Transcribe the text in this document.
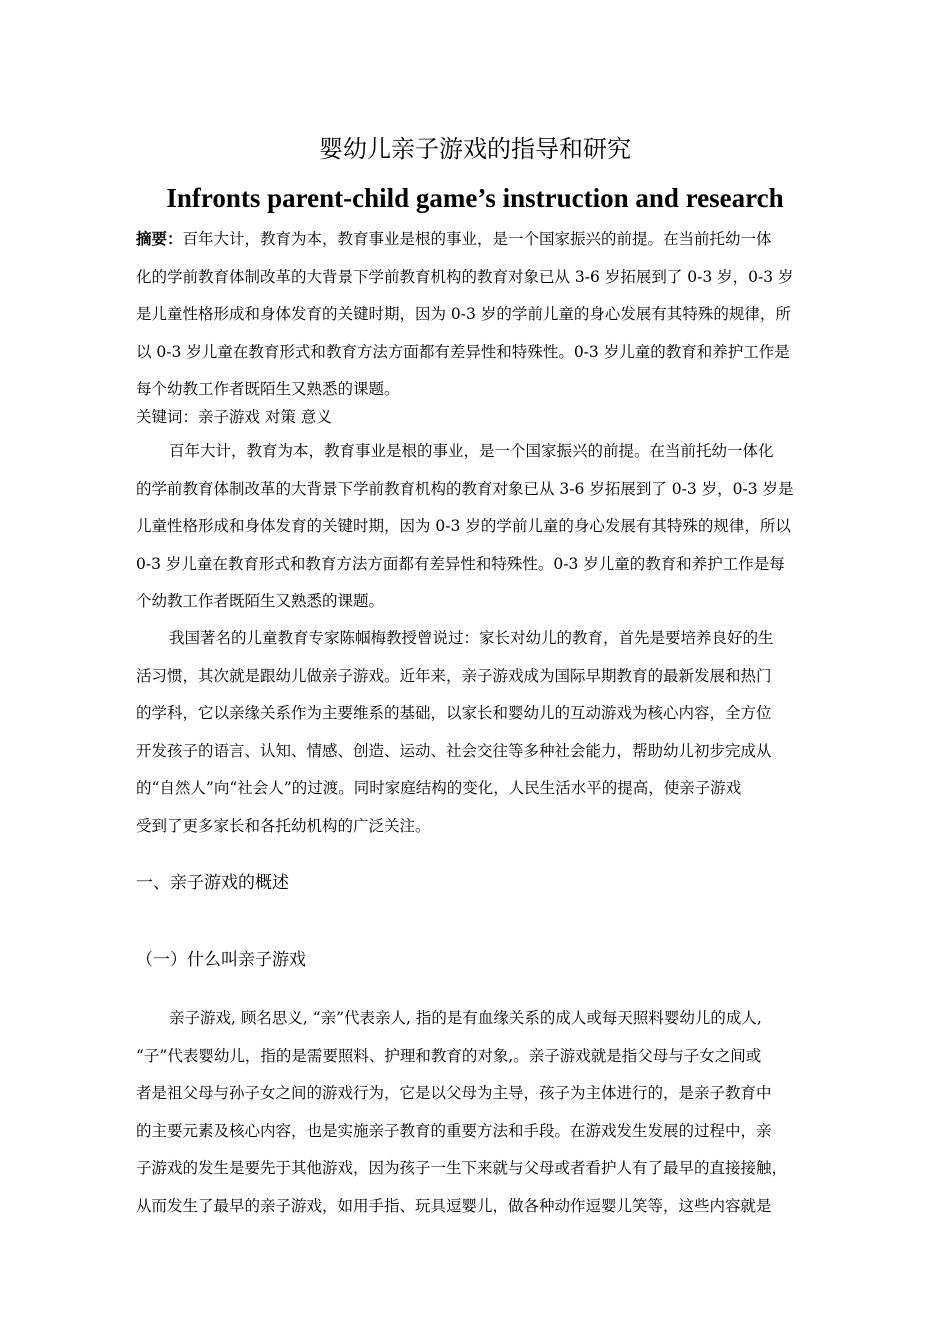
婴幼儿亲子游戏的指导和研究
Infronts parent-child game’s instruction and research
摘要：百年大计，教育为本，教育事业是根的事业，是一个国家振兴的前提。在当前托幼一体
化的学前教育体制改革的大背景下学前教育机构的教育对象已从 3-6 岁拓展到了 0-3 岁，0-3 岁
是儿童性格形成和身体发育的关键时期，因为 0-3 岁的学前儿童的身心发展有其特殊的规律，所
以 0-3 岁儿童在教育形式和教育方法方面都有差异性和特殊性。0-3 岁儿童的教育和养护工作是
每个幼教工作者既陌生又熟悉的课题。
关键词：亲子游戏 对策 意义
百年大计，教育为本，教育事业是根的事业，是一个国家振兴的前提。在当前托幼一体化
的学前教育体制改革的大背景下学前教育机构的教育对象已从 3-6 岁拓展到了 0-3 岁，0-3 岁是
儿童性格形成和身体发育的关键时期，因为 0-3 岁的学前儿童的身心发展有其特殊的规律，所以
0-3 岁儿童在教育形式和教育方法方面都有差异性和特殊性。0-3 岁儿童的教育和养护工作是每
个幼教工作者既陌生又熟悉的课题。
我国著名的儿童教育专家陈帼梅教授曾说过：家长对幼儿的教育，首先是要培养良好的生
活习惯，其次就是跟幼儿做亲子游戏。近年来，亲子游戏成为国际早期教育的最新发展和热门
的学科，它以亲缘关系作为主要维系的基础，以家长和婴幼儿的互动游戏为核心内容，全方位
开发孩子的语言、认知、情感、创造、运动、社会交往等多种社会能力，帮助幼儿初步完成从
的“自然人”向“社会人”的过渡。同时家庭结构的变化，人民生活水平的提高，使亲子游戏
受到了更多家长和各托幼机构的广泛关注。
一、亲子游戏的概述
（一）什么叫亲子游戏
亲子游戏, 顾名思义, “亲”代表亲人, 指的是有血缘关系的成人或每天照料婴幼儿的成人,
“子”代表婴幼儿，指的是需要照料、护理和教育的对象,。亲子游戏就是指父母与子女之间或
者是祖父母与孙子女之间的游戏行为，它是以父母为主导，孩子为主体进行的，是亲子教育中
的主要元素及核心内容，也是实施亲子教育的重要方法和手段。在游戏发生发展的过程中，亲
子游戏的发生是要先于其他游戏，因为孩子一生下来就与父母或者看护人有了最早的直接接触，
从而发生了最早的亲子游戏，如用手指、玩具逗婴儿，做各种动作逗婴儿笑等，这些内容就是
